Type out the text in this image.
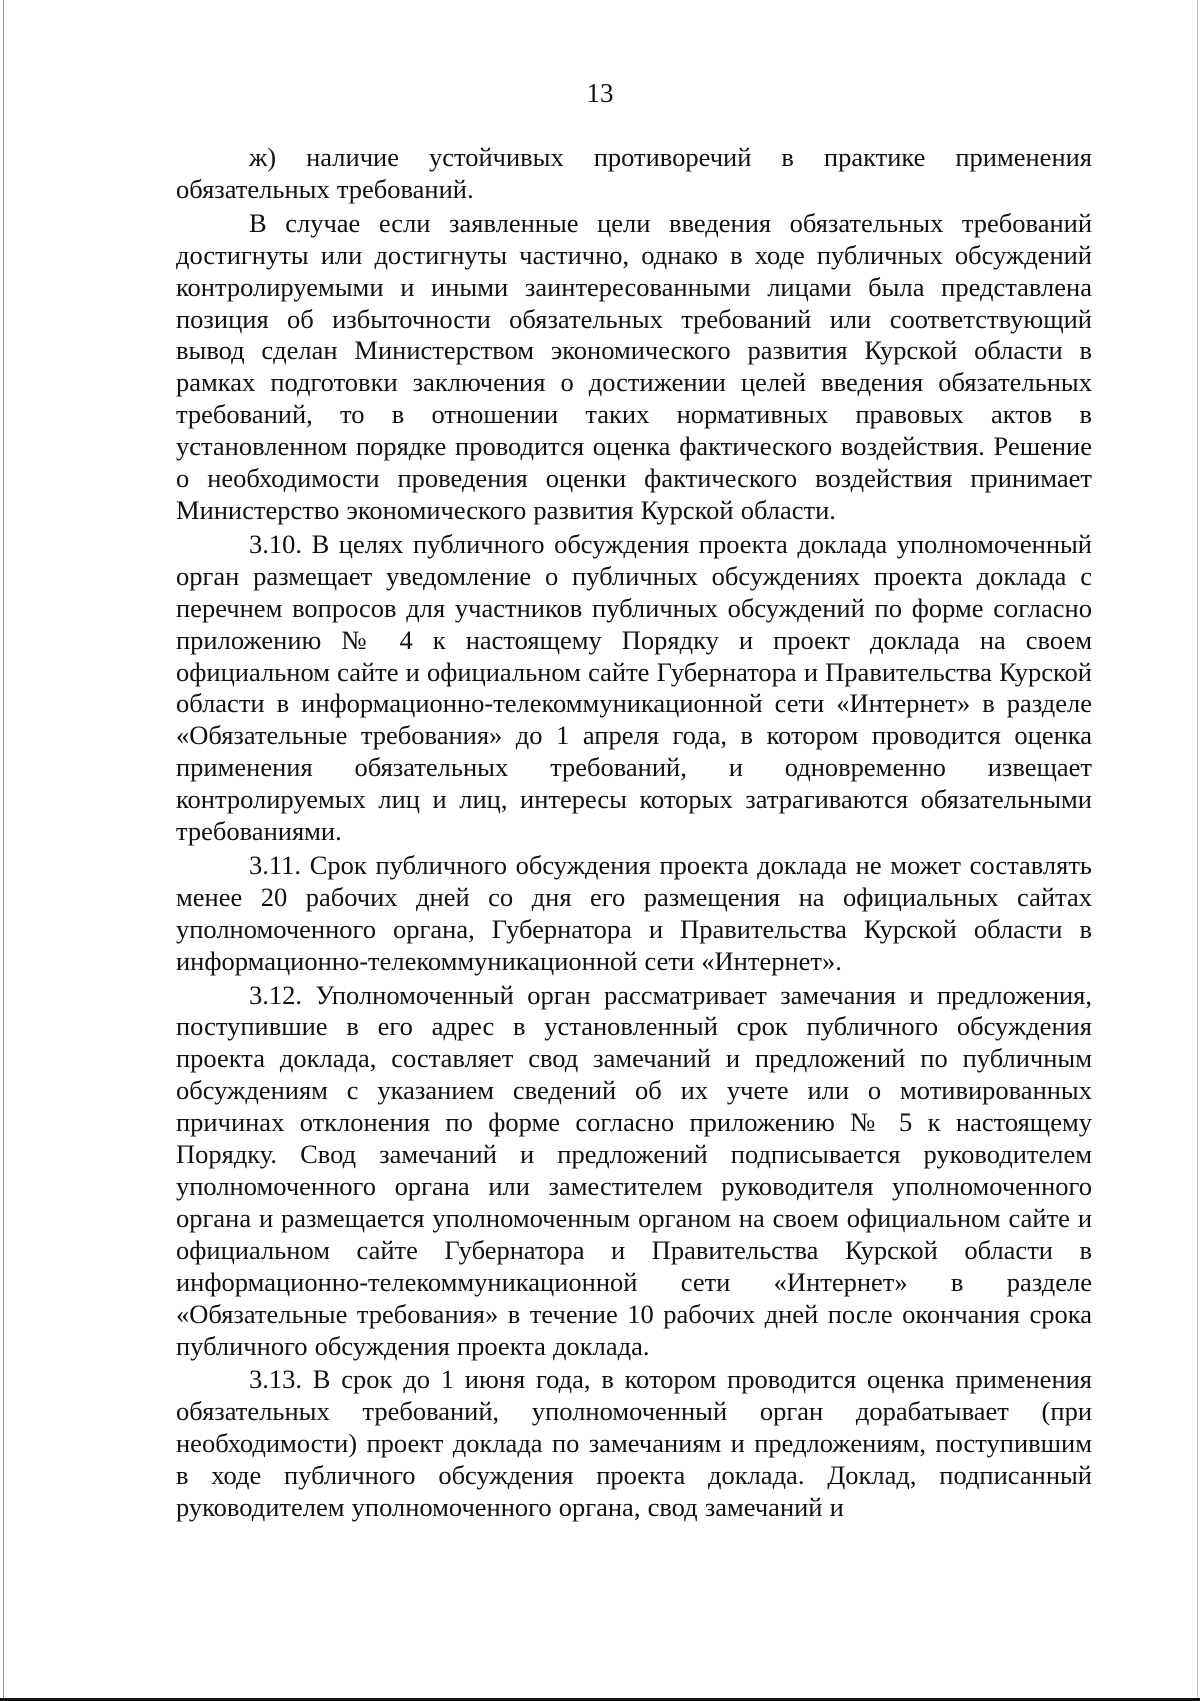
13

ж) наличие устойчивых противоречий в практике применения обязательных требований.

В случае если заявленные цели введения обязательных требований достигнуты или достигнуты частично, однако в ходе публичных обсуждений контролируемыми и иными заинтересованными лицами была представлена позиция об избыточности обязательных требований или соответствующий вывод сделан Министерством экономического развития Курской области в рамках подготовки заключения о достижении целей введения обязательных требований, то в отношении таких нормативных правовых актов в установленном порядке проводится оценка фактического воздействия. Решение о необходимости проведения оценки фактического воздействия принимает Министерство экономического развития Курской области.

3.10. В целях публичного обсуждения проекта доклада уполномоченный орган размещает уведомление о публичных обсуждениях проекта доклада с перечнем вопросов для участников публичных обсуждений по форме согласно приложению № 4 к настоящему Порядку и проект доклада на своем официальном сайте и официальном сайте Губернатора и Правительства Курской области в информационно-телекоммуникационной сети «Интернет» в разделе «Обязательные требования» до 1 апреля года, в котором проводится оценка применения обязательных требований, и одновременно извещает контролируемых лиц и лиц, интересы которых затрагиваются обязательными требованиями.

3.11. Срок публичного обсуждения проекта доклада не может составлять менее 20 рабочих дней со дня его размещения на официальных сайтах уполномоченного органа, Губернатора и Правительства Курской области в информационно-телекоммуникационной сети «Интернет».

3.12. Уполномоченный орган рассматривает замечания и предложения, поступившие в его адрес в установленный срок публичного обсуждения проекта доклада, составляет свод замечаний и предложений по публичным обсуждениям с указанием сведений об их учете или о мотивированных причинах отклонения по форме согласно приложению № 5 к настоящему Порядку. Свод замечаний и предложений подписывается руководителем уполномоченного органа или заместителем руководителя уполномоченного органа и размещается уполномоченным органом на своем официальном сайте и официальном сайте Губернатора и Правительства Курской области в информационно-телекоммуникационной сети «Интернет» в разделе «Обязательные требования» в течение 10 рабочих дней после окончания срока публичного обсуждения проекта доклада.

3.13. В срок до 1 июня года, в котором проводится оценка применения обязательных требований, уполномоченный орган дорабатывает (при необходимости) проект доклада по замечаниям и предложениям, поступившим в ходе публичного обсуждения проекта доклада. Доклад, подписанный руководителем уполномоченного органа, свод замечаний и
